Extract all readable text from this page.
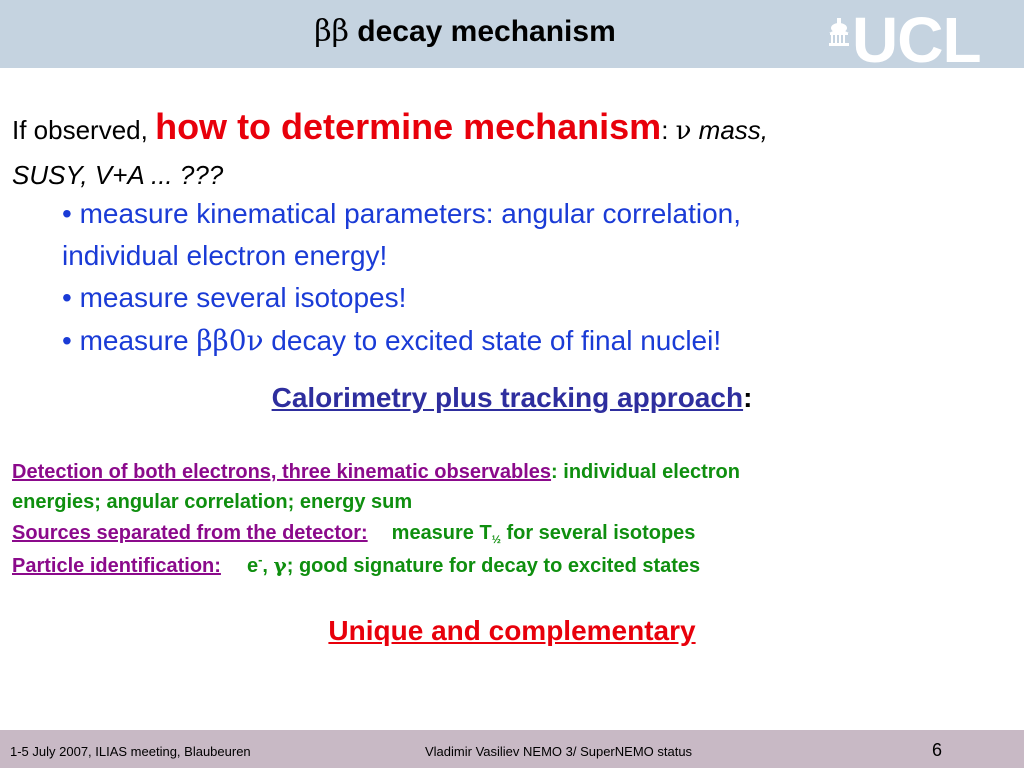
ββ decay mechanism	UCL
If observed, how to determine mechanism: ν mass,
SUSY, V+A ... ???
• measure kinematical parameters: angular correlation,
individual electron energy!
• measure several isotopes!
• measure ββ0ν decay to excited state of final nuclei!
Calorimetry plus tracking approach:
Detection of both electrons, three kinematic observables: individual electron
energies; angular correlation; energy sum
Sources separated from the detector: measure $T_{\frac{1}{2}}$ for several isotopes
Particle identification: e-, γ; good signature for decay to excited states
Unique and complementary
1-5 July 2007, ILIAS meeting, Blaubeuren	Vladimir Vasiliev NEMO 3/ SuperNEMO status	6
